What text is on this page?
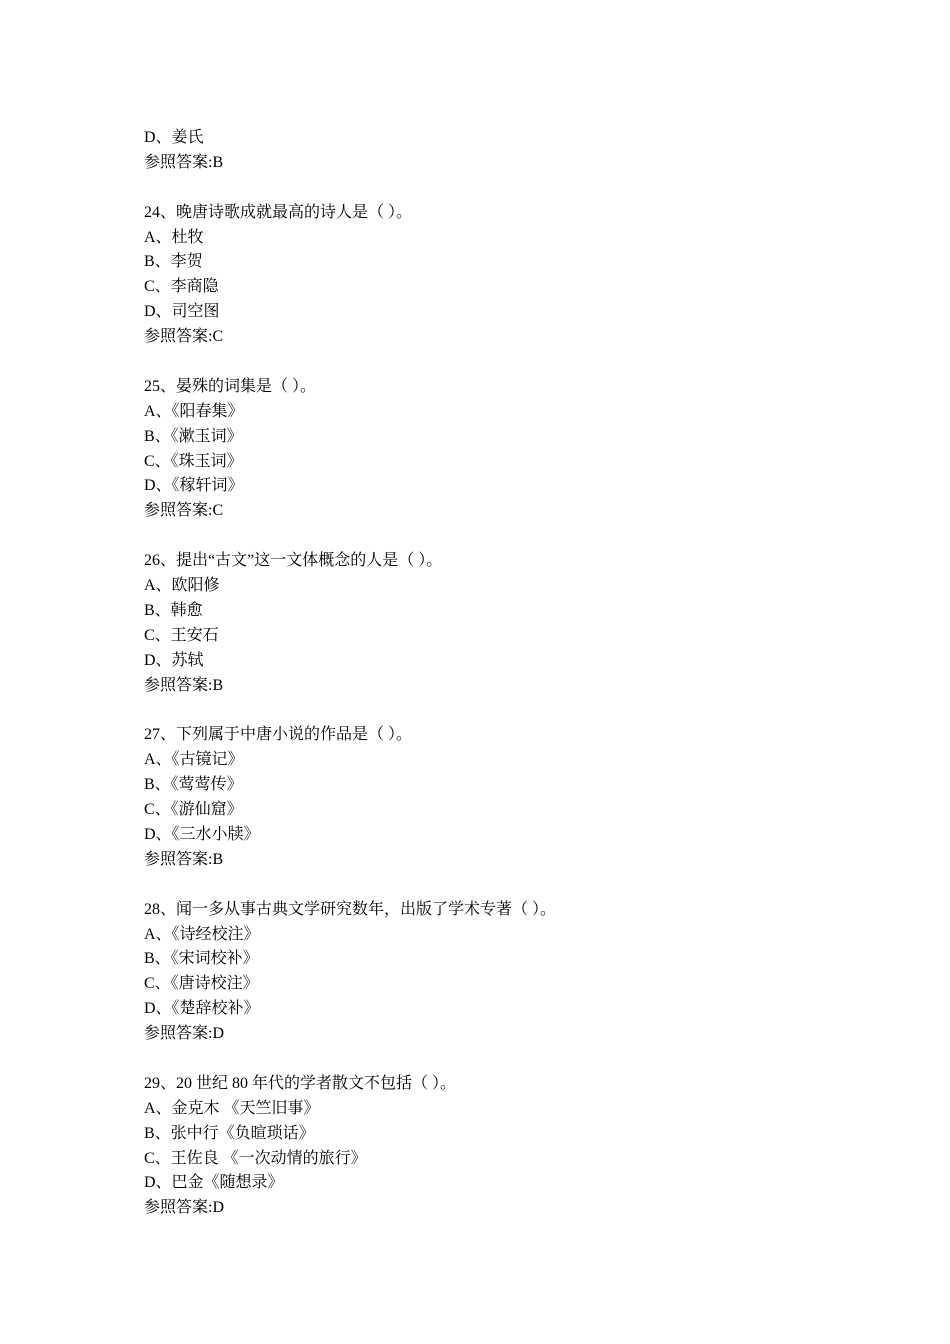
D、姜氏
参照答案:B
24、晚唐诗歌成就最高的诗人是（ ）。
A、杜牧
B、李贺
C、李商隐
D、司空图
参照答案:C
25、晏殊的词集是（ ）。
A、《阳春集》
B、《漱玉词》
C、《珠玉词》
D、《稼轩词》
参照答案:C
26、提出“古文”这一文体概念的人是（ ）。
A、欧阳修
B、韩愈
C、王安石
D、苏轼
参照答案:B
27、下列属于中唐小说的作品是（ ）。
A、《古镜记》
B、《莺莺传》
C、《游仙窟》
D、《三水小牍》
参照答案:B
28、闻一多从事古典文学研究数年，出版了学术专著（ ）。
A、《诗经校注》
B、《宋词校补》
C、《唐诗校注》
D、《楚辞校补》
参照答案:D
29、20 世纪 80 年代的学者散文不包括（ ）。
A、金克木 《天竺旧事》
B、张中行《负暄琐话》
C、王佐良 《一次动情的旅行》
D、巴金《随想录》
参照答案:D
